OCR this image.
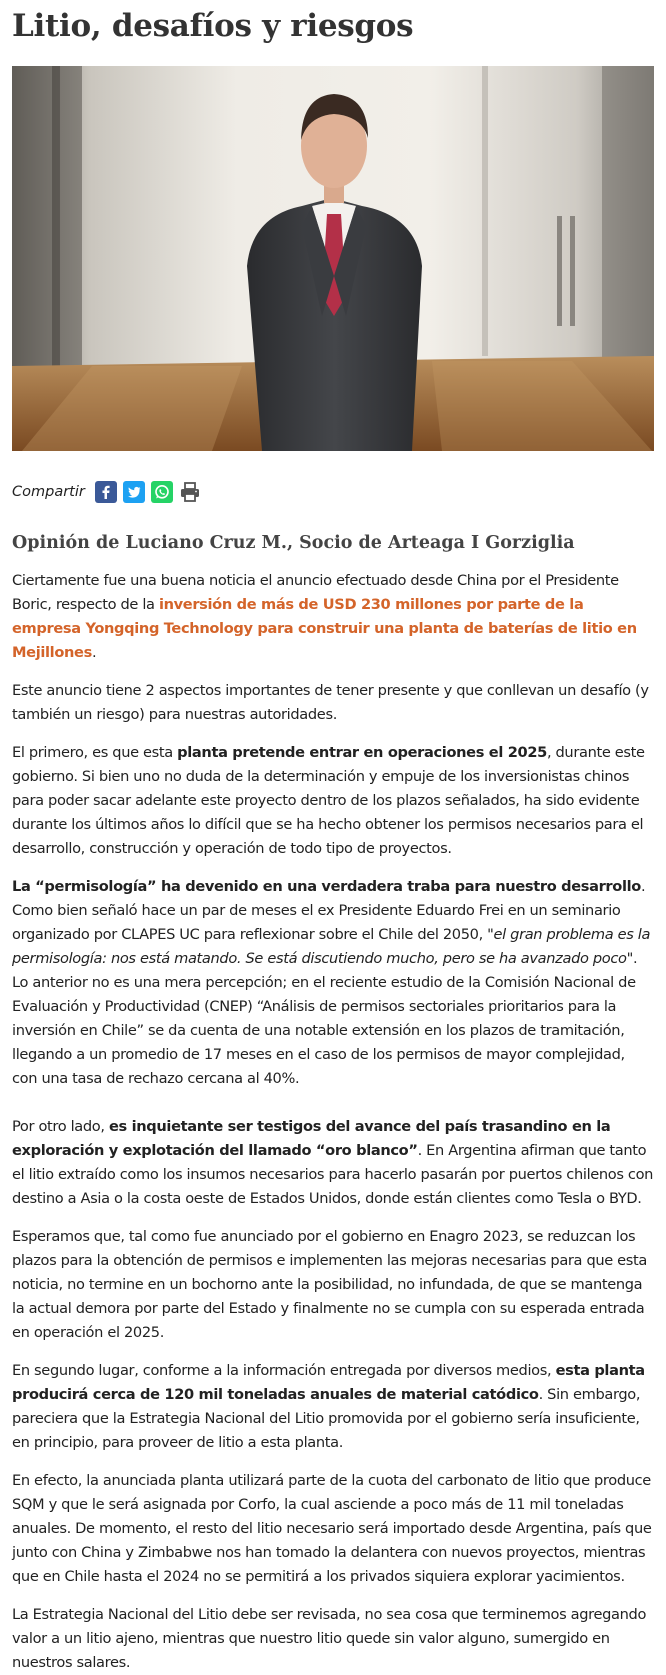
Litio, desafíos y riesgos
Compartir
Opinión de Luciano Cruz M., Socio de Arteaga I Gorziglia

Ciertamente fue una buena noticia el anuncio efectuado desde China por el Presidente Boric, respecto de la inversión de más de USD 230 millones por parte de la empresa Yongqing Technology para construir una planta de baterías de litio en Mejillones.

Este anuncio tiene 2 aspectos importantes de tener presente y que conllevan un desafío (y también un riesgo) para nuestras autoridades.

El primero, es que esta planta pretende entrar en operaciones el 2025, durante este gobierno. Si bien uno no duda de la determinación y empuje de los inversionistas chinos para poder sacar adelante este proyecto dentro de los plazos señalados, ha sido evidente durante los últimos años lo difícil que se ha hecho obtener los permisos necesarios para el desarrollo, construcción y operación de todo tipo de proyectos.

La “permisología” ha devenido en una verdadera traba para nuestro desarrollo. Como bien señaló hace un par de meses el ex Presidente Eduardo Frei en un seminario organizado por CLAPES UC para reflexionar sobre el Chile del 2050, "el gran problema es la permisología: nos está matando. Se está discutiendo mucho, pero se ha avanzado poco". Lo anterior no es una mera percepción; en el reciente estudio de la Comisión Nacional de Evaluación y Productividad (CNEP) “Análisis de permisos sectoriales prioritarios para la inversión en Chile” se da cuenta de una notable extensión en los plazos de tramitación, llegando a un promedio de 17 meses en el caso de los permisos de mayor complejidad, con una tasa de rechazo cercana al 40%.

Por otro lado, es inquietante ser testigos del avance del país trasandino en la exploración y explotación del llamado “oro blanco”. En Argentina afirman que tanto el litio extraído como los insumos necesarios para hacerlo pasarán por puertos chilenos con destino a Asia o la costa oeste de Estados Unidos, donde están clientes como Tesla o BYD.

Esperamos que, tal como fue anunciado por el gobierno en Enagro 2023, se reduzcan los plazos para la obtención de permisos e implementen las mejoras necesarias para que esta noticia, no termine en un bochorno ante la posibilidad, no infundada, de que se mantenga la actual demora por parte del Estado y finalmente no se cumpla con su esperada entrada en operación el 2025.

En segundo lugar, conforme a la información entregada por diversos medios, esta planta producirá cerca de 120 mil toneladas anuales de material catódico. Sin embargo, pareciera que la Estrategia Nacional del Litio promovida por el gobierno sería insuficiente, en principio, para proveer de litio a esta planta.

En efecto, la anunciada planta utilizará parte de la cuota del carbonato de litio que produce SQM y que le será asignada por Corfo, la cual asciende a poco más de 11 mil toneladas anuales. De momento, el resto del litio necesario será importado desde Argentina, país que junto con China y Zimbabwe nos han tomado la delantera con nuevos proyectos, mientras que en Chile hasta el 2024 no se permitirá a los privados siquiera explorar yacimientos.

La Estrategia Nacional del Litio debe ser revisada, no sea cosa que terminemos agregando valor a un litio ajeno, mientras que nuestro litio quede sin valor alguno, sumergido en nuestros salares.
